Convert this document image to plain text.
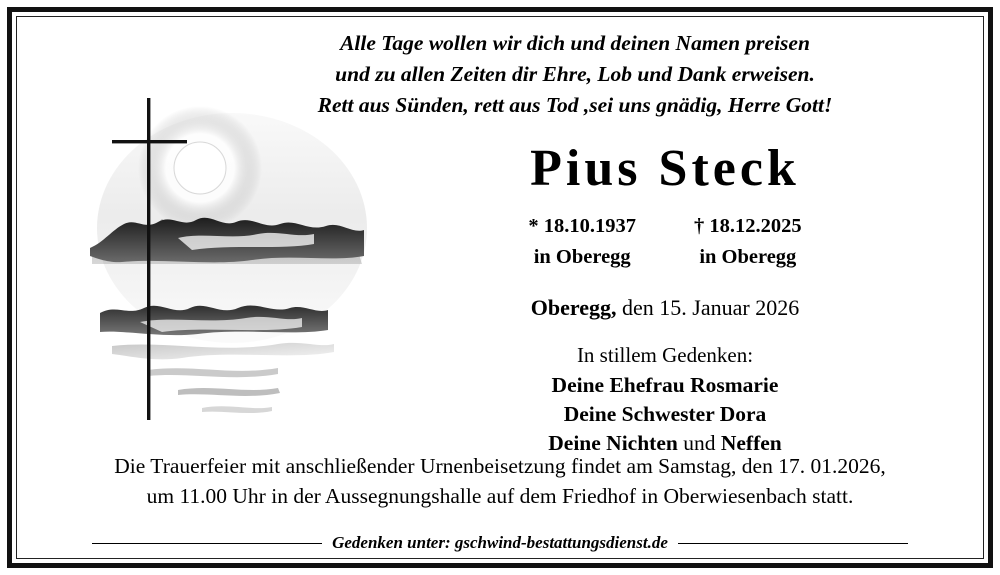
Alle Tage wollen wir dich und deinen Namen preisen
und zu allen Zeiten dir Ehre, Lob und Dank erweisen.
Rett aus Sünden, rett aus Tod ,sei uns gnädig, Herre Gott!
Pius Steck
* 18.10.1937
in Oberegg
† 18.12.2025
in Oberegg
Oberegg, den 15. Januar 2026
In stillem Gedenken:
Deine Ehefrau Rosmarie
Deine Schwester Dora
Deine Nichten und Neffen
Die Trauerfeier mit anschließender Urnenbeisetzung findet am Samstag, den 17. 01.2026,
um 11.00 Uhr in der Aussegnungshalle auf dem Friedhof in Oberwiesenbach statt.
Gedenken unter: gschwind-bestattungsdienst.de
